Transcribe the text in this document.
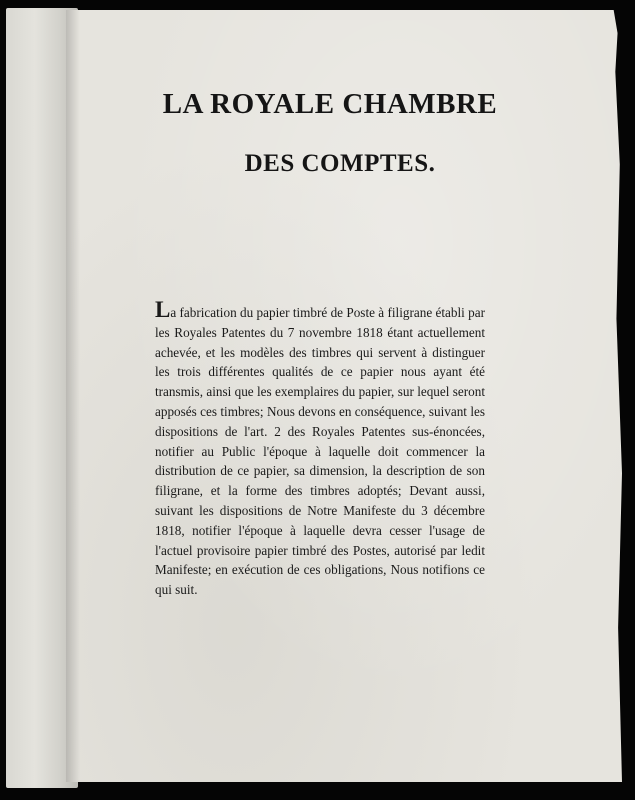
LA ROYALE CHAMBRE
DES COMPTES.

La fabrication du papier timbré de Poste à filigrane établi par les Royales Patentes du 7 novembre 1818 étant actuellement achevée, et les modèles des timbres qui servent à distinguer les trois différentes qualités de ce papier nous ayant été transmis, ainsi que les exemplaires du papier, sur lequel seront apposés ces timbres; Nous devons en conséquence, suivant les dispositions de l'art. 2 des Royales Patentes sus-énoncées, notifier au Public l'époque à laquelle doit commencer la distribution de ce papier, sa dimension, la description de son filigrane, et la forme des timbres adoptés; Devant aussi, suivant les dispositions de Notre Manifeste du 3 décembre 1818, notifier l'époque à laquelle devra cesser l'usage de l'actuel provisoire papier timbré des Postes, autorisé par ledit Manifeste; en exécution de ces obligations, Nous notifions ce qui suit.
